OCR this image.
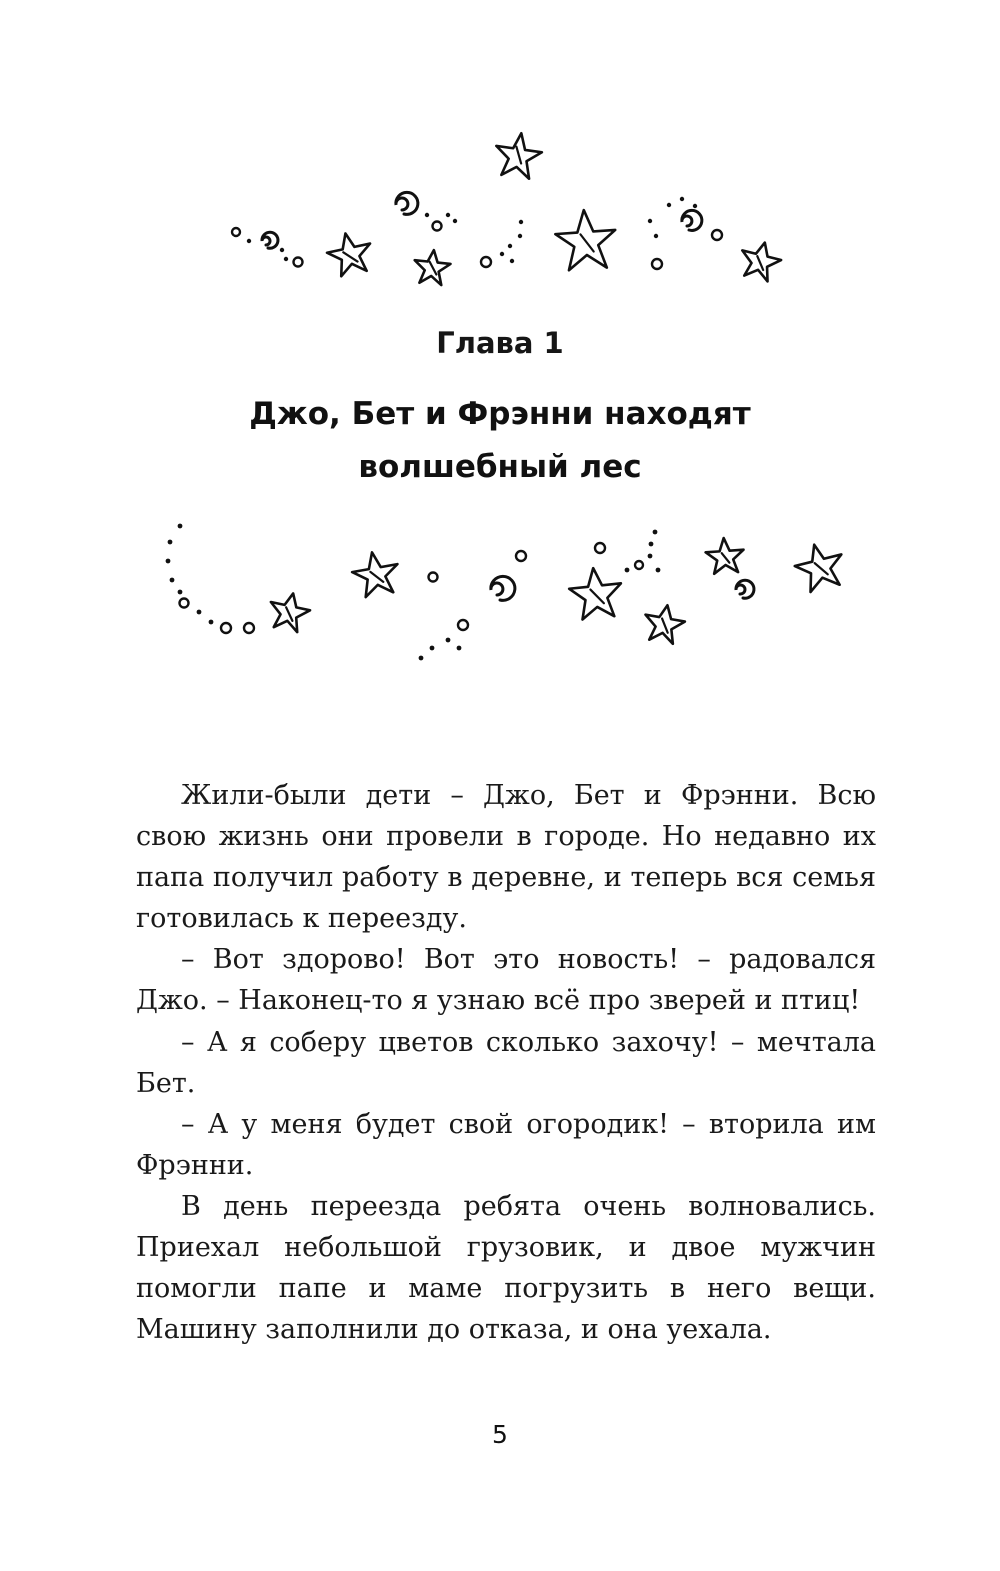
Глава 1
Джо, Бет и Фрэнни находят волшебный лес

Жили-были дети – Джо, Бет и Фрэнни. Всю свою жизнь они провели в городе. Но недавно их папа получил работу в деревне, и теперь вся семья готовилась к переезду.

– Вот здорово! Вот это новость! – радовался Джо. – Наконец-то я узнаю всё про зверей и птиц!

– А я соберу цветов сколько захочу! – мечтала Бет.

– А у меня будет свой огородик! – вторила им Фрэнни.

В день переезда ребята очень волновались. Приехал небольшой грузовик, и двое мужчин помогли папе и маме погрузить в него вещи. Машину заполнили до отказа, и она уехала.

5
